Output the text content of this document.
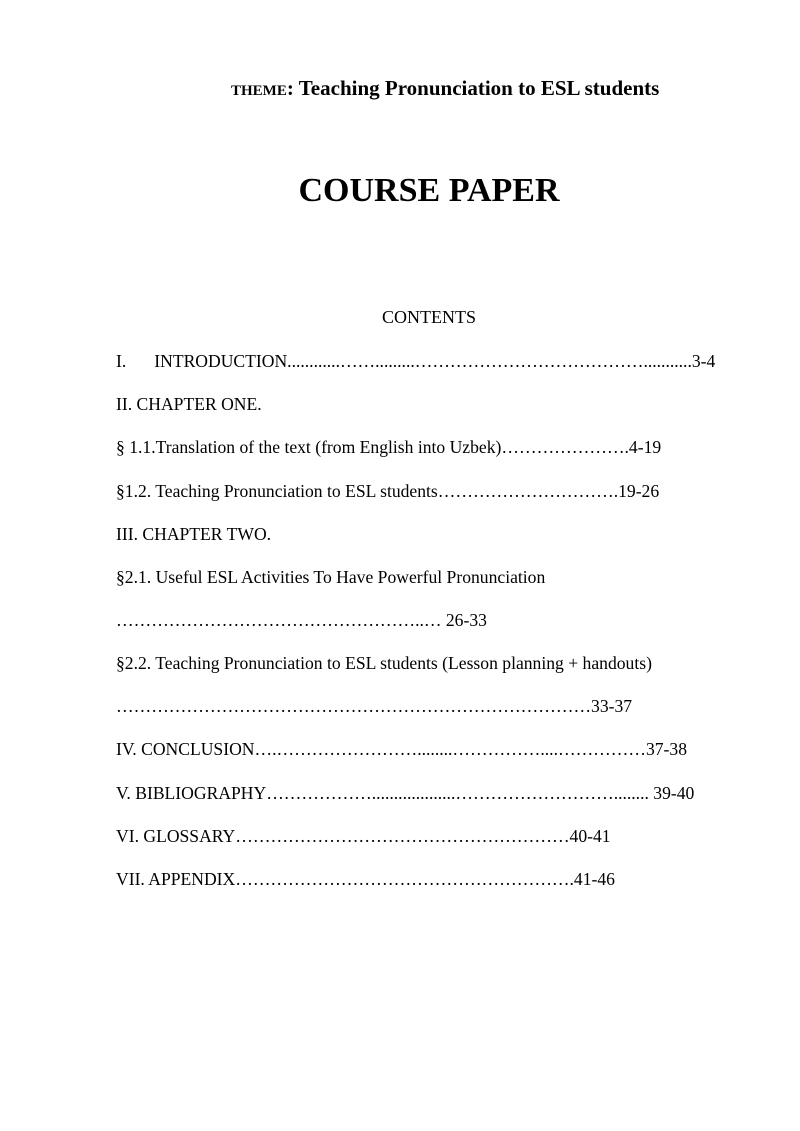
THEME: Teaching Pronunciation to ESL students
COURSE PAPER
CONTENTS
I. INTRODUCTION............…….........…………………………………...........3-4
II. CHAPTER ONE.
§ 1.1.Translation of the text (from English into Uzbek)………………….4-19
§1.2. Teaching Pronunciation to ESL students………………………….19-26
III. CHAPTER TWO.
§2.1. Useful ESL Activities To Have Powerful Pronunciation
……………………………………………..… 26-33
§2.2. Teaching Pronunciation to ESL students (Lesson planning + handouts)
………………………………………………………………………33-37
IV. CONCLUSION….……………………........……………....……………37-38
V. BIBLIOGRAPHY………………...................………………………........ 39-40
VI. GLOSSARY…………………………………………………40-41
VII. APPENDIX………………………………………………….41-46
